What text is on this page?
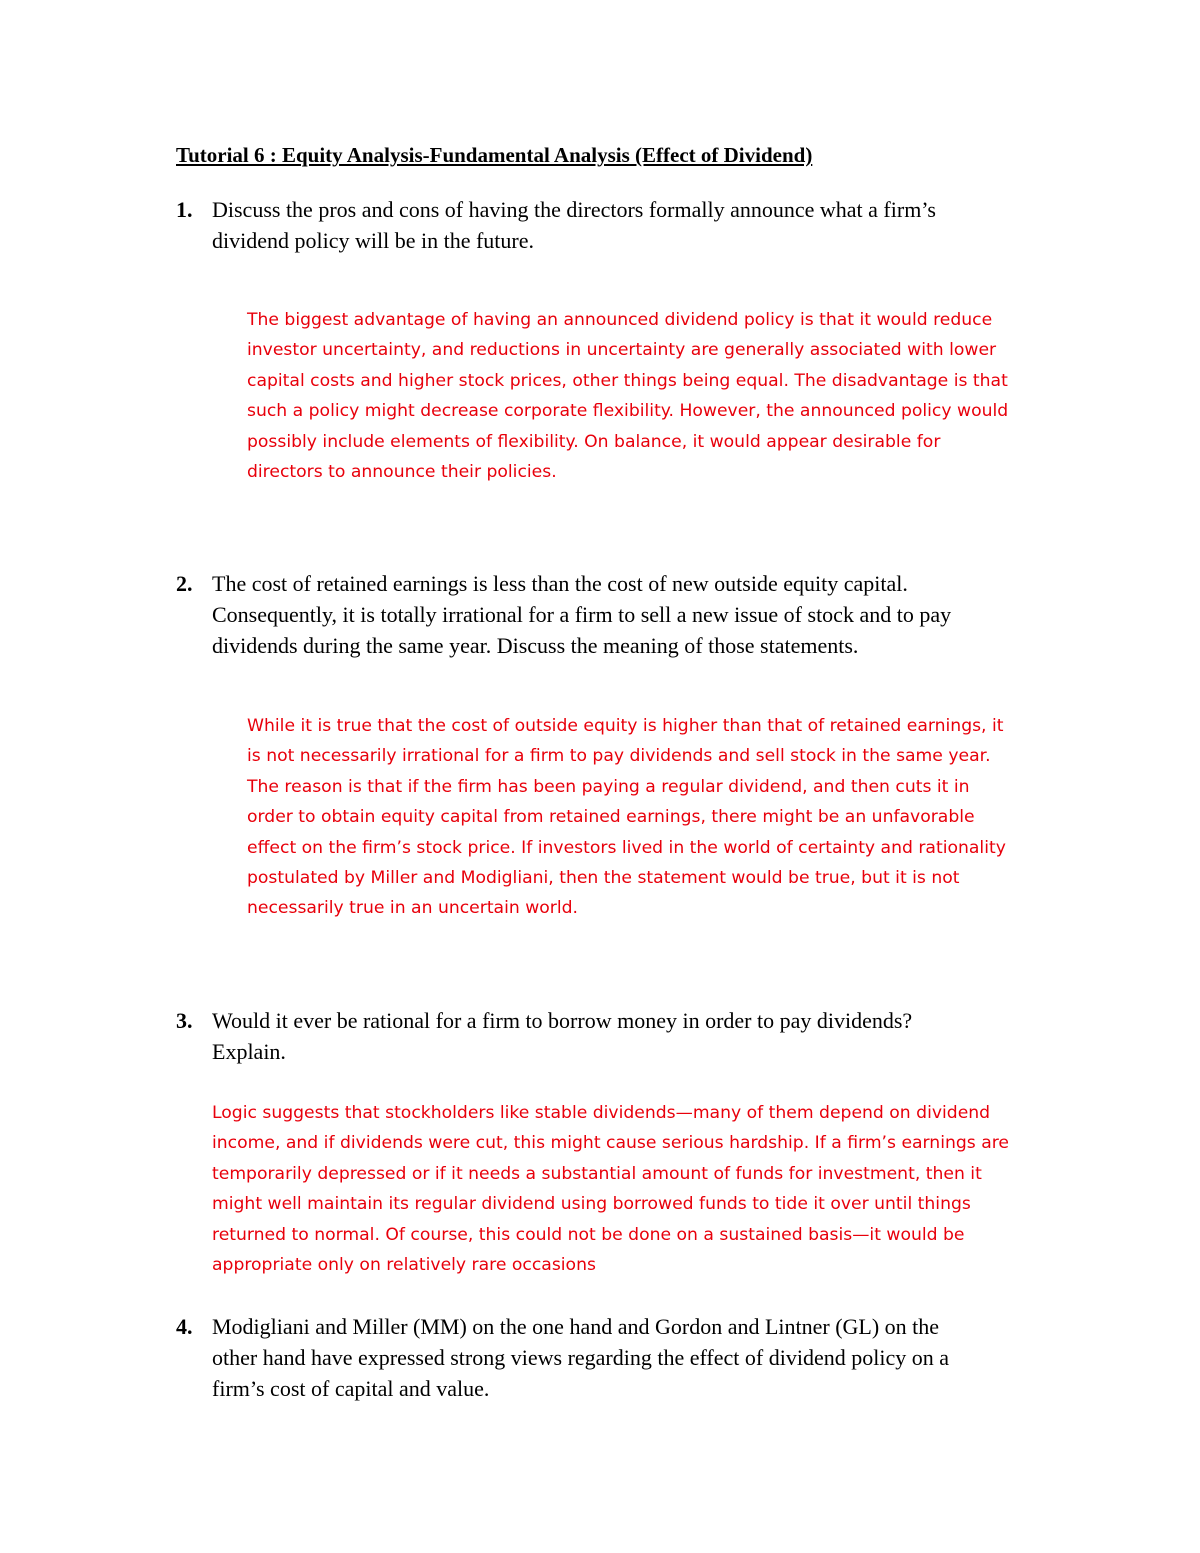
Tutorial 6 : Equity Analysis-Fundamental Analysis (Effect of Dividend)
1. Discuss the pros and cons of having the directors formally announce what a firm’s
dividend policy will be in the future.
The biggest advantage of having an announced dividend policy is that it would reduce
investor uncertainty, and reductions in uncertainty are generally associated with lower
capital costs and higher stock prices, other things being equal. The disadvantage is that
such a policy might decrease corporate flexibility. However, the announced policy would
possibly include elements of flexibility. On balance, it would appear desirable for
directors to announce their policies.
2. The cost of retained earnings is less than the cost of new outside equity capital.
Consequently, it is totally irrational for a firm to sell a new issue of stock and to pay
dividends during the same year. Discuss the meaning of those statements.
While it is true that the cost of outside equity is higher than that of retained earnings, it
is not necessarily irrational for a firm to pay dividends and sell stock in the same year.
The reason is that if the firm has been paying a regular dividend, and then cuts it in
order to obtain equity capital from retained earnings, there might be an unfavorable
effect on the firm’s stock price. If investors lived in the world of certainty and rationality
postulated by Miller and Modigliani, then the statement would be true, but it is not
necessarily true in an uncertain world.
3. Would it ever be rational for a firm to borrow money in order to pay dividends?
Explain.
Logic suggests that stockholders like stable dividends—many of them depend on dividend
income, and if dividends were cut, this might cause serious hardship. If a firm’s earnings are
temporarily depressed or if it needs a substantial amount of funds for investment, then it
might well maintain its regular dividend using borrowed funds to tide it over until things
returned to normal. Of course, this could not be done on a sustained basis—it would be
appropriate only on relatively rare occasions
4. Modigliani and Miller (MM) on the one hand and Gordon and Lintner (GL) on the
other hand have expressed strong views regarding the effect of dividend policy on a
firm’s cost of capital and value.
